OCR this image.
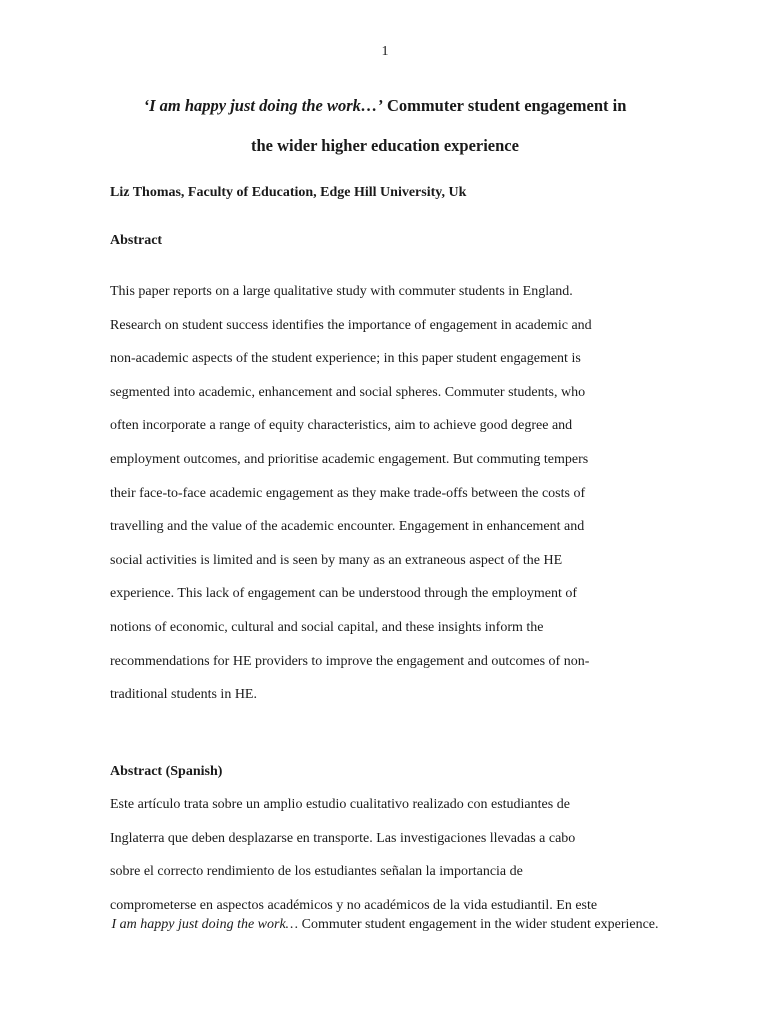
1
‘I am happy just doing the work…’ Commuter student engagement in
the wider higher education experience

Liz Thomas, Faculty of Education, Edge Hill University, Uk

Abstract
This paper reports on a large qualitative study with commuter students in England.
Research on student success identifies the importance of engagement in academic and
non-academic aspects of the student experience; in this paper student engagement is
segmented into academic, enhancement and social spheres. Commuter students, who
often incorporate a range of equity characteristics, aim to achieve good degree and
employment outcomes, and prioritise academic engagement. But commuting tempers
their face-to-face academic engagement as they make trade-offs between the costs of
travelling and the value of the academic encounter. Engagement in enhancement and
social activities is limited and is seen by many as an extraneous aspect of the HE
experience. This lack of engagement can be understood through the employment of
notions of economic, cultural and social capital, and these insights inform the
recommendations for HE providers to improve the engagement and outcomes of non-
traditional students in HE.
Abstract (Spanish)
Este artículo trata sobre un amplio estudio cualitativo realizado con estudiantes de
Inglaterra que deben desplazarse en transporte. Las investigaciones llevadas a cabo
sobre el correcto rendimiento de los estudiantes señalan la importancia de
comprometerse en aspectos académicos y no académicos de la vida estudiantil. En este

I am happy just doing the work… Commuter student engagement in the wider student experience.
